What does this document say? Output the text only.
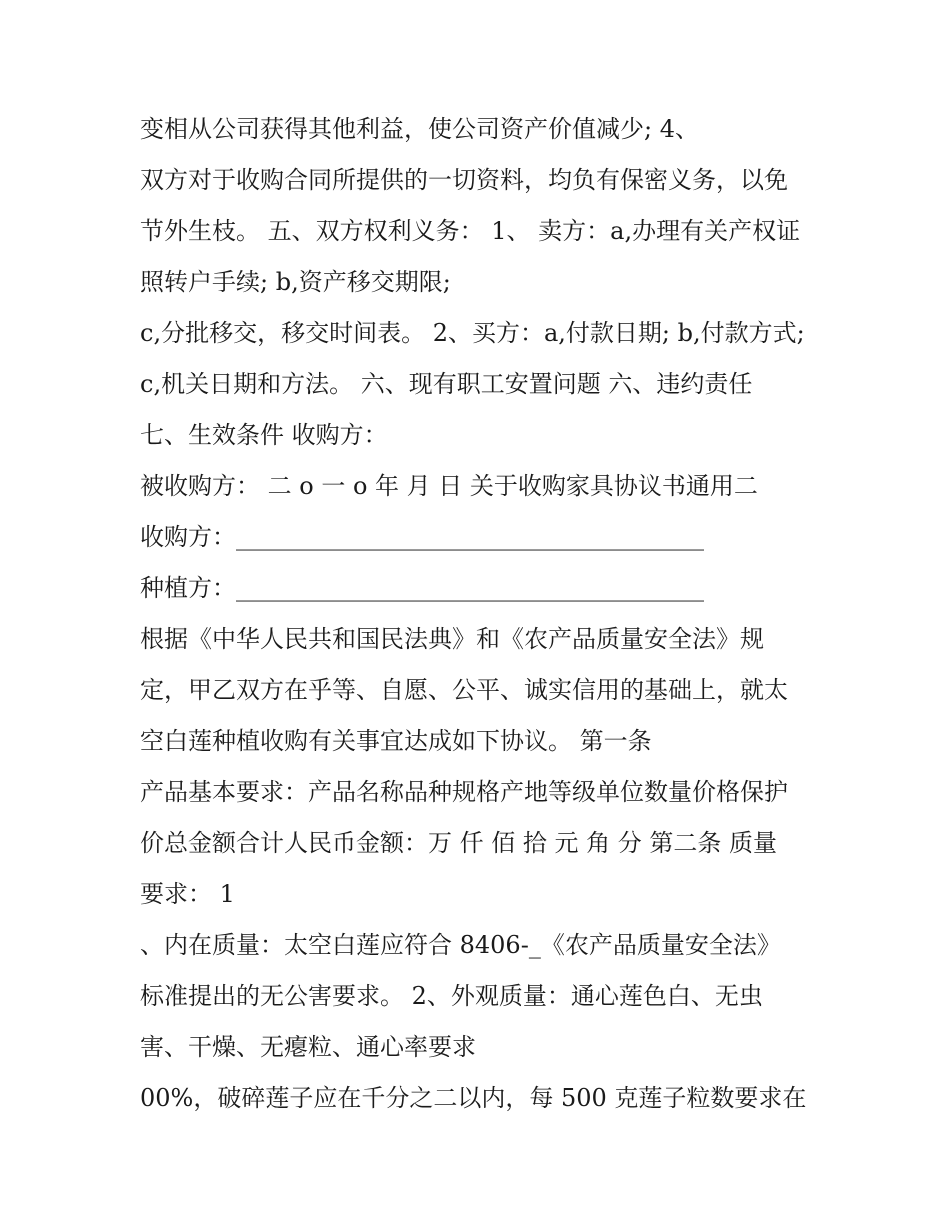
变相从公司获得其他利益，使公司资产价值减少; 4、
双方对于收购合同所提供的一切资料，均负有保密义务，以免
节外生枝。 五、双方权利义务： 1、 卖方：a,办理有关产权证
照转户手续; b,资产移交期限;
c,分批移交，移交时间表。 2、买方：a,付款日期; b,付款方式;
c,机关日期和方法。 六、现有职工安置问题 六、违约责任
七、生效条件 收购方：
被收购方： 二 o 一 o 年 月 日 关于收购家具协议书通用二
收购方：_______________________________________
种植方：_______________________________________
根据《中华人民共和国民法典》和《农产品质量安全法》规
定，甲乙双方在乎等、自愿、公平、诚实信用的基础上，就太
空白莲种植收购有关事宜达成如下协议。 第一条
产品基本要求：产品名称品种规格产地等级单位数量价格保护
价总金额合计人民币金额：万 仟 佰 拾 元 角 分 第二条 质量
要求： 1
、内在质量：太空白莲应符合 8406-_《农产品质量安全法》
标准提出的无公害要求。 2、外观质量：通心莲色白、无虫
害、干燥、无瘪粒、通心率要求
00%，破碎莲子应在千分之二以内，每 500 克莲子粒数要求在
